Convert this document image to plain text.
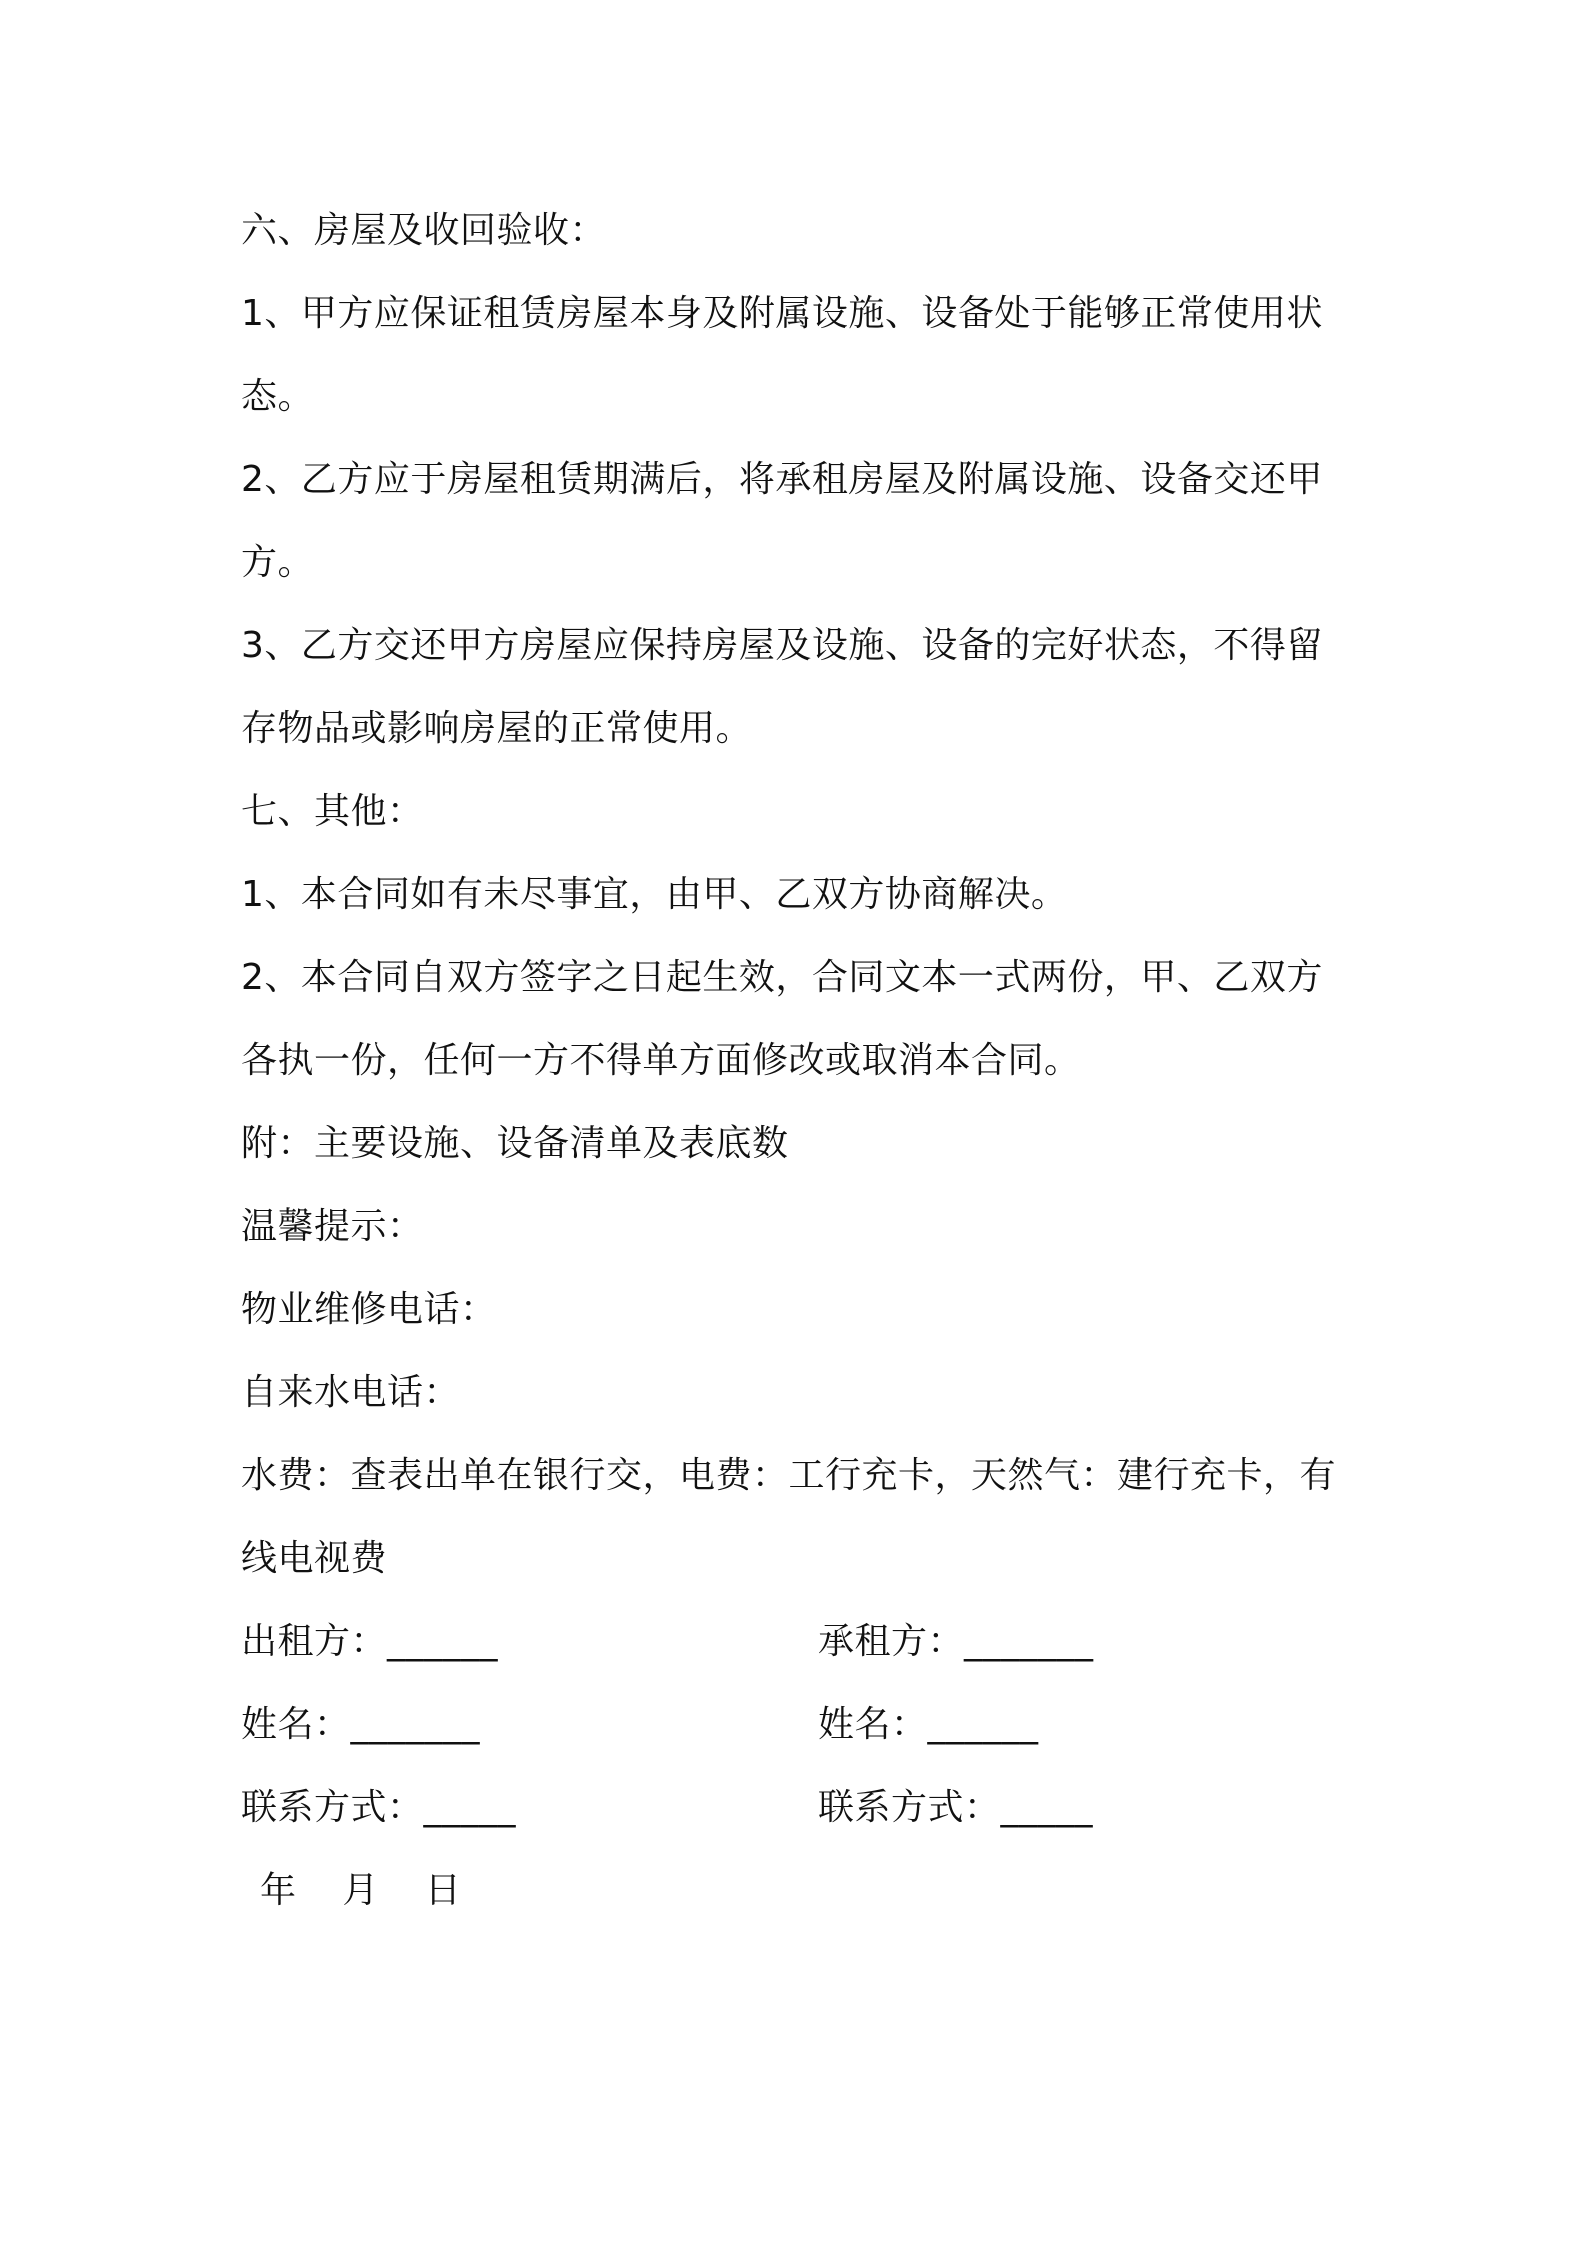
六、房屋及收回验收：
1、甲方应保证租赁房屋本身及附属设施、设备处于能够正常使用状
态。
2、乙方应于房屋租赁期满后，将承租房屋及附属设施、设备交还甲
方。
3、乙方交还甲方房屋应保持房屋及设施、设备的完好状态，不得留
存物品或影响房屋的正常使用。
七、其他：
1、本合同如有未尽事宜，由甲、乙双方协商解决。
2、本合同自双方签字之日起生效，合同文本一式两份，甲、乙双方
各执一份，任何一方不得单方面修改或取消本合同。
附：主要设施、设备清单及表底数
温馨提示：
物业维修电话：
自来水电话：
水费：查表出单在银行交，电费：工行充卡，天然气：建行充卡，有
线电视费
出租方：______	承租方：_______
姓名：_______	姓名：______
联系方式：_____	联系方式：_____
年 月 日
